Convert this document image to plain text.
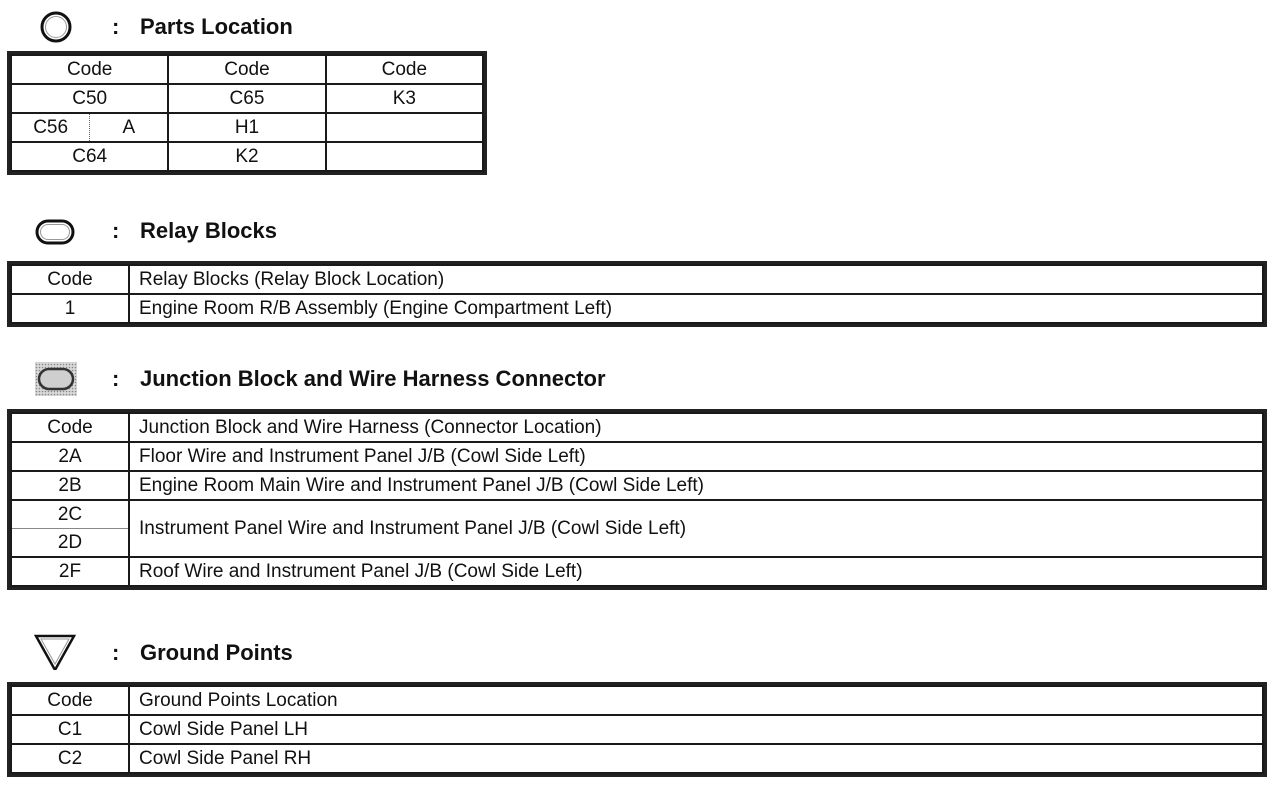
: Parts Location
Code		Code	Code
C50		C65	K3
C56	A	H1	
C64		K2	
: Relay Blocks
Code	Relay Blocks (Relay Block Location)
1	Engine Room R/B Assembly (Engine Compartment Left)
: Junction Block and Wire Harness Connector
Code	Junction Block and Wire Harness (Connector Location)
2A	Floor Wire and Instrument Panel J/B (Cowl Side Left)
2B	Engine Room Main Wire and Instrument Panel J/B (Cowl Side Left)
2C	Instrument Panel Wire and Instrument Panel J/B (Cowl Side Left)
2D	
2F	Roof Wire and Instrument Panel J/B (Cowl Side Left)
: Ground Points
Code	Ground Points Location
C1	Cowl Side Panel LH
C2	Cowl Side Panel RH
